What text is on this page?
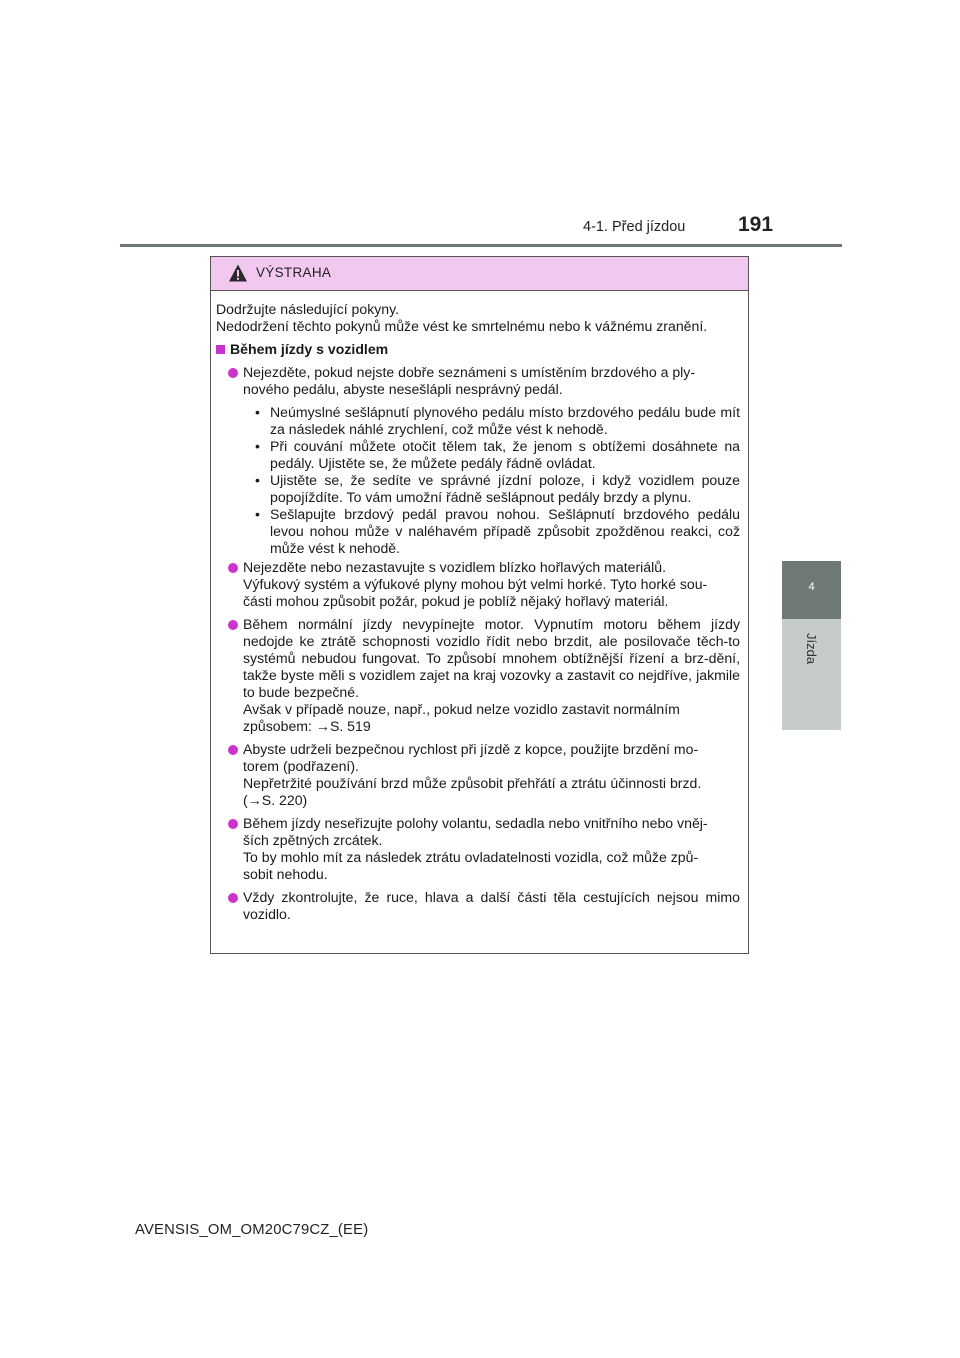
4-1. Před jízdou	191
4
Jízda
VÝSTRAHA

Dodržujte následující pokyny.

Nedodržení těchto pokynů může vést ke smrtelnému nebo k vážnému zranění.

Během jízdy s vozidlem

Nejezděte, pokud nejste dobře seznámeni s umístěním brzdového a ply-

nového pedálu, abyste nesešlápli nesprávný pedál.

• Neúmyslné sešlápnutí plynového pedálu místo brzdového pedálu bude mít za následek náhlé zrychlení, což může vést k nehodě.
• Při couvání můžete otočit tělem tak, že jenom s obtížemi dosáhnete na pedály. Ujistěte se, že můžete pedály řádně ovládat.
• Ujistěte se, že sedíte ve správné jízdní poloze, i když vozidlem pouze popojíždíte. To vám umožní řádně sešlápnout pedály brzdy a plynu.
• Sešlapujte brzdový pedál pravou nohou. Sešlápnutí brzdového pedálu levou nohou může v naléhavém případě způsobit zpožděnou reakci, což může vést k nehodě.

Nejezděte nebo nezastavujte s vozidlem blízko hořlavých materiálů.

Výfukový systém a výfukové plyny mohou být velmi horké. Tyto horké sou-

části mohou způsobit požár, pokud je poblíž nějaký hořlavý materiál.

Během normální jízdy nevypínejte motor. Vypnutím motoru během jízdy nedojde ke ztrátě schopnosti vozidlo řídit nebo brzdit, ale posilovače těch-to systémů nebudou fungovat. To způsobí mnohem obtížnější řízení a brz-dění, takže byste měli s vozidlem zajet na kraj vozovky a zastavit co nejdříve, jakmile to bude bezpečné.

Avšak v případě nouze, např., pokud nelze vozidlo zastavit normálním

způsobem: →S. 519

Abyste udrželi bezpečnou rychlost při jízdě z kopce, použijte brzdění mo-

torem (podřazení).

Nepřetržité používání brzd může způsobit přehřátí a ztrátu účinnosti brzd.

(→S. 220)

Během jízdy neseřizujte polohy volantu, sedadla nebo vnitřního nebo vněj-

ších zpětných zrcátek.

To by mohlo mít za následek ztrátu ovladatelnosti vozidla, což může způ-

sobit nehodu.

Vždy zkontrolujte, že ruce, hlava a další části těla cestujících nejsou mimo vozidlo.

AVENSIS_OM_OM20C79CZ_(EE)
